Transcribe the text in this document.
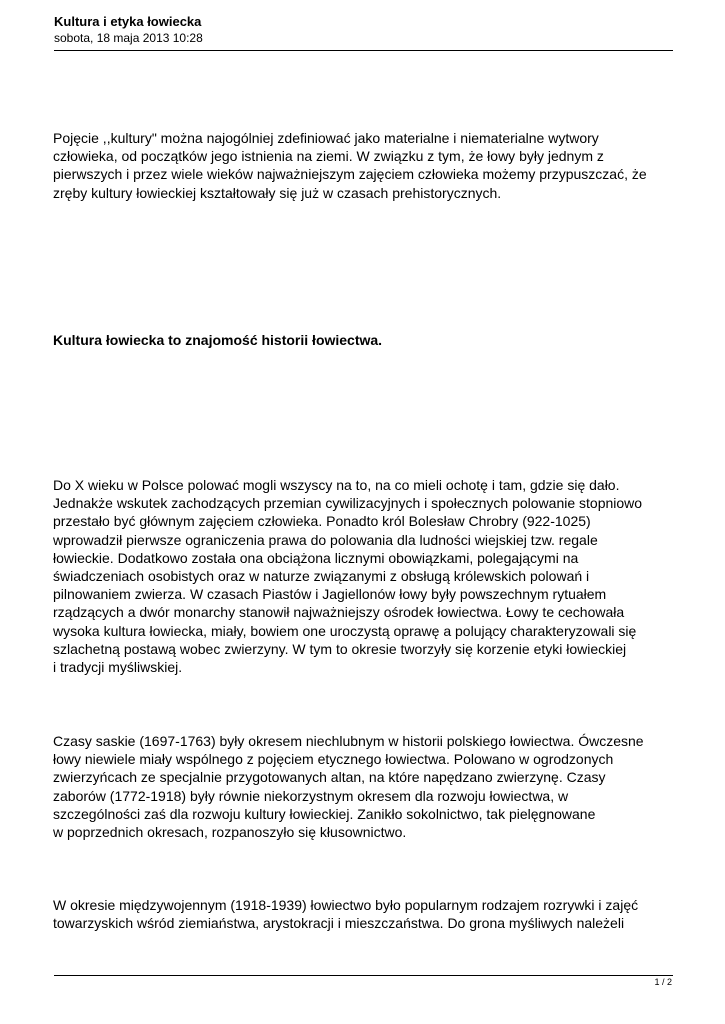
Kultura i etyka łowiecka
sobota, 18 maja 2013 10:28

Pojęcie ,,kultury" można najogólniej zdefiniować jako materialne i niematerialne wytwory
człowieka, od początków jego istnienia na ziemi. W związku z tym, że łowy były jednym z
pierwszych i przez wiele wieków najważniejszym zajęciem człowieka możemy przypuszczać, że
zręby kultury łowieckiej kształtowały się już w czasach prehistorycznych.

Kultura łowiecka to znajomość historii łowiectwa.

Do X wieku w Polsce polować mogli wszyscy na to, na co mieli ochotę i tam, gdzie się dało.
Jednakże wskutek zachodzących przemian cywilizacyjnych i społecznych polowanie stopniowo
przestało być głównym zajęciem człowieka. Ponadto król Bolesław Chrobry (922-1025)
wprowadził pierwsze ograniczenia prawa do polowania dla ludności wiejskiej tzw. regale
łowieckie. Dodatkowo została ona obciążona licznymi obowiązkami, polegającymi na
świadczeniach osobistych oraz w naturze związanymi z obsługą królewskich polowań i
pilnowaniem zwierza. W czasach Piastów i Jagiellonów łowy były powszechnym rytuałem
rządzących a dwór monarchy stanowił najważniejszy ośrodek łowiectwa. Łowy te cechowała
wysoka kultura łowiecka, miały, bowiem one uroczystą oprawę a polujący charakteryzowali się
szlachetną postawą wobec zwierzyny. W tym to okresie tworzyły się korzenie etyki łowieckiej
i tradycji myśliwskiej.

Czasy saskie (1697-1763) były okresem niechlubnym w historii polskiego łowiectwa. Ówczesne
łowy niewiele miały wspólnego z pojęciem etycznego łowiectwa. Polowano w ogrodzonych
zwierzyńcach ze specjalnie przygotowanych altan, na które napędzano zwierzynę. Czasy
zaborów (1772-1918) były równie niekorzystnym okresem dla rozwoju łowiectwa, w
szczególności zaś dla rozwoju kultury łowieckiej. Zanikło sokolnictwo, tak pielęgnowane
w poprzednich okresach, rozpanoszyło się kłusownictwo.

W okresie międzywojennym (1918-1939) łowiectwo było popularnym rodzajem rozrywki i zajęć
towarzyskich wśród ziemiaństwa, arystokracji i mieszczaństwa. Do grona myśliwych należeli

1 / 2
